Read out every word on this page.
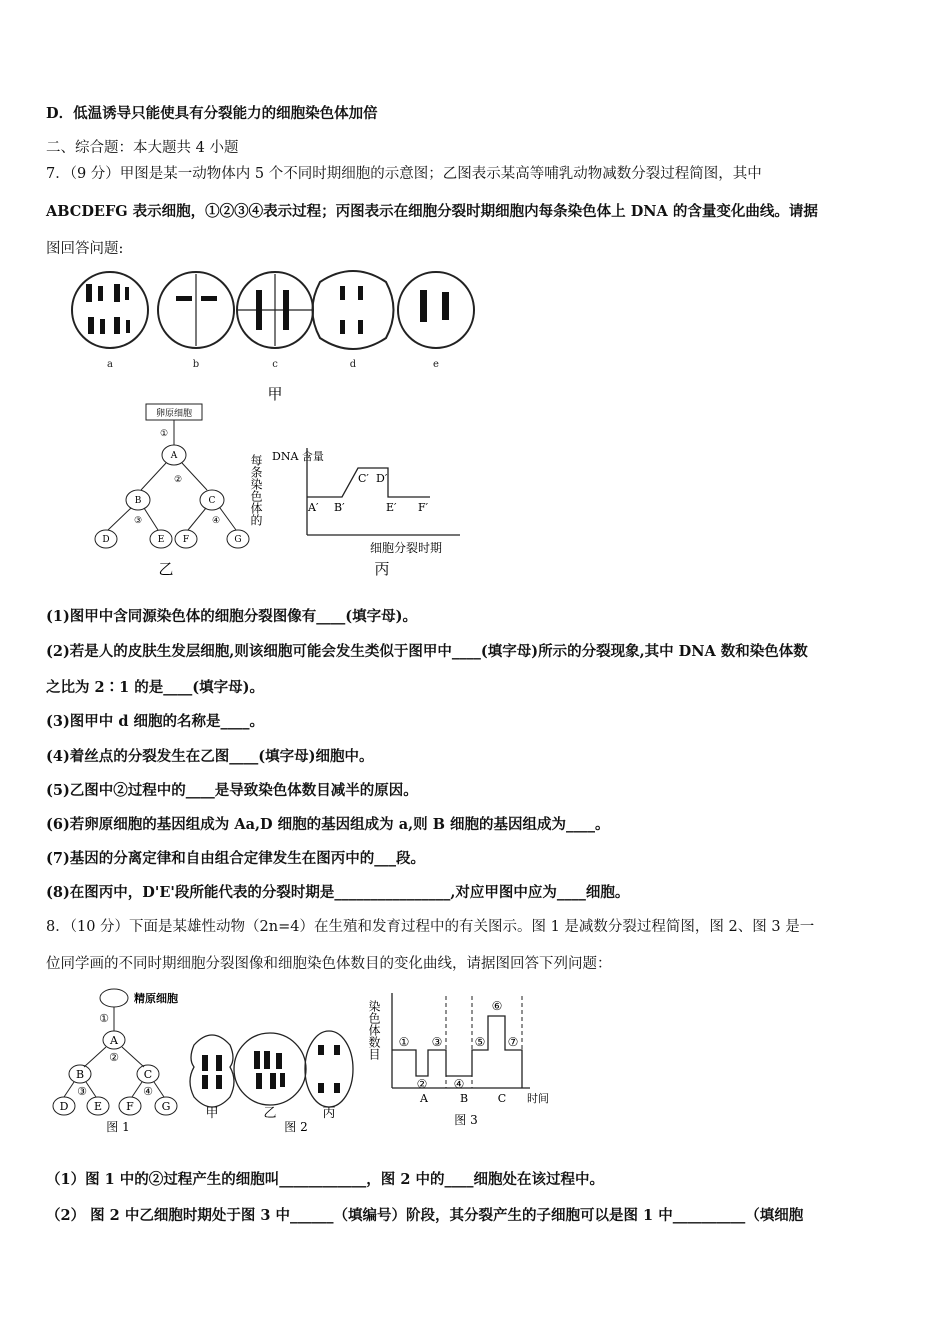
D．低温诱导只能使具有分裂能力的细胞染色体加倍
二、综合题：本大题共 4 小题
7．（9 分）甲图是某一动物体内 5 个不同时期细胞的示意图；乙图表示某高等哺乳动物减数分裂过程简图，其中
ABCDEFG 表示细胞，①②③④表示过程；丙图表示在细胞分裂时期细胞内每条染色体上 DNA 的含量变化曲线。请据
图回答问题:
a	b	c	d	e
甲
卵原细胞
A
B	C
D	E F	G
①
②
③	④
乙
每条染色体的 DNA 含量
A′ B′
C′ D′
E′ F′
细胞分裂时期
丙
(1)图甲中含同源染色体的细胞分裂图像有____(填字母)。
(2)若是人的皮肤生发层细胞,则该细胞可能会发生类似于图甲中____(填字母)所示的分裂现象,其中 DNA 数和染色体数
之比为 2∶1 的是____(填字母)。
(3)图甲中 d 细胞的名称是____。
(4)着丝点的分裂发生在乙图____(填字母)细胞中。
(5)乙图中②过程中的____是导致染色体数目减半的原因。
(6)若卵原细胞的基因组成为 Aa,D 细胞的基因组成为 a,则 B 细胞的基因组成为____。
(7)基因的分离定律和自由组合定律发生在图丙中的___段。
(8)在图丙中，D'E'段所能代表的分裂时期是________________,对应甲图中应为____细胞。
8．（10 分）下面是某雄性动物（2n=4）在生殖和发育过程中的有关图示。图 1 是减数分裂过程简图，图 2、图 3 是一
位同学画的不同时期细胞分裂图像和细胞染色体数目的变化曲线，请据图回答下列问题：
精原细胞
A
B	C
D E F	G
①
②
③	④
图 1
甲	乙	丙
图 2
染色体数目 ①
②
③
④
⑤
⑥
⑦
A	B	C 时间
图 3
（1）图 1 中的②过程产生的细胞叫____________，图 2 中的____细胞处在该过程中。
（2） 图 2 中乙细胞时期处于图 3 中______（填编号）阶段，其分裂产生的子细胞可以是图 1 中__________（填细胞
